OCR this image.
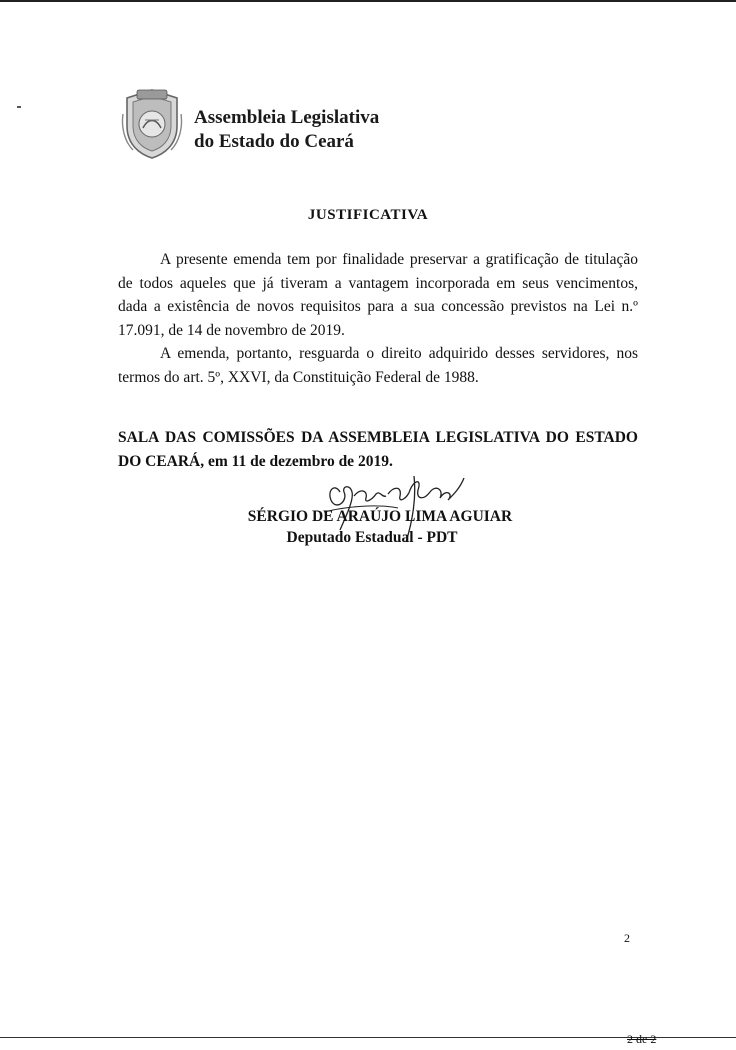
Assembleia Legislativa
do Estado do Ceará
JUSTIFICATIVA

A presente emenda tem por finalidade preservar a gratificação de titulação de todos aqueles que já tiveram a vantagem incorporada em seus vencimentos, dada a existência de novos requisitos para a sua concessão previstos na Lei n.º 17.091, de 14 de novembro de 2019.

A emenda, portanto, resguarda o direito adquirido desses servidores, nos termos do art. 5º, XXVI, da Constituição Federal de 1988.

SALA DAS COMISSÕES DA ASSEMBLEIA LEGISLATIVA DO ESTADO DO CEARÁ, em 11 de dezembro de 2019.
SÉRGIO DE ARAÚJO LIMA AGUIAR
Deputado Estadual - PDT
2
2 de 2
